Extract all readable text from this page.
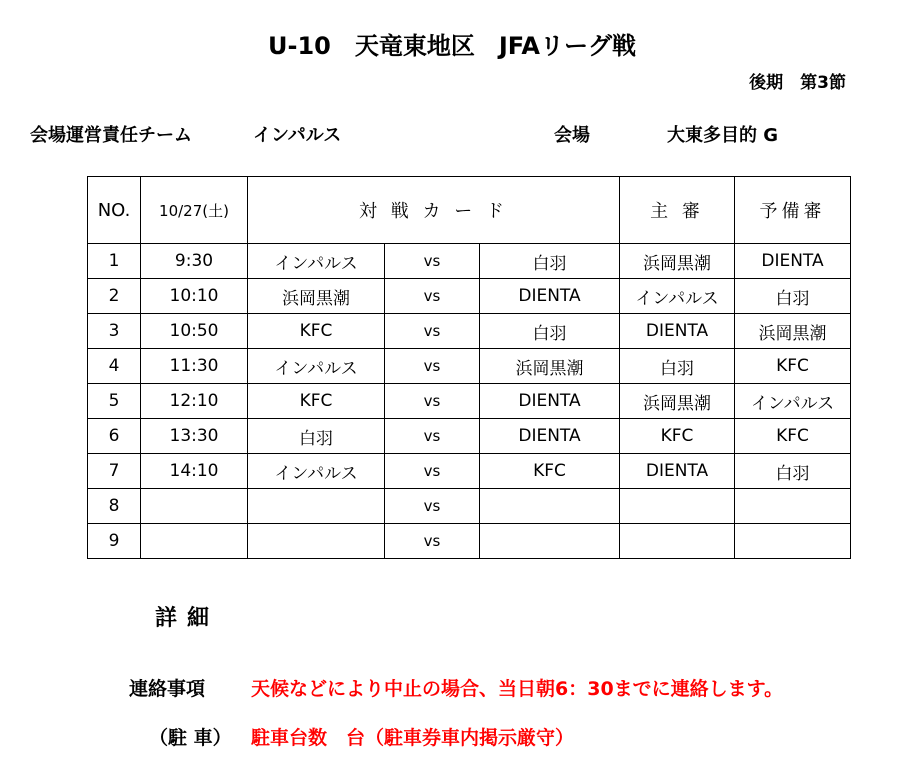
U-10　天竜東地区　JFAリーグ戦
後期　第3節
会場運営責任チーム	インパルス	会場	大東多目的 G
NO.	10/27(土)	対 戦 カ ー ド			主 審	予備審
1	9:30	インパルス	vs	白羽	浜岡黒潮	DIENTA
2	10:10	浜岡黒潮	vs	DIENTA	インパルス	白羽
3	10:50	KFC	vs	白羽	DIENTA	浜岡黒潮
4	11:30	インパルス	vs	浜岡黒潮	白羽	KFC
5	12:10	KFC	vs	DIENTA	浜岡黒潮	インパルス
6	13:30	白羽	vs	DIENTA	KFC	KFC
7	14:10	インパルス	vs	KFC	DIENTA	白羽
8			vs			
9			vs			
詳細
連絡事項 天候などにより中止の場合、当日朝6：30までに連絡します。
（駐 車） 駐車台数　台（駐車券車内掲示厳守）
